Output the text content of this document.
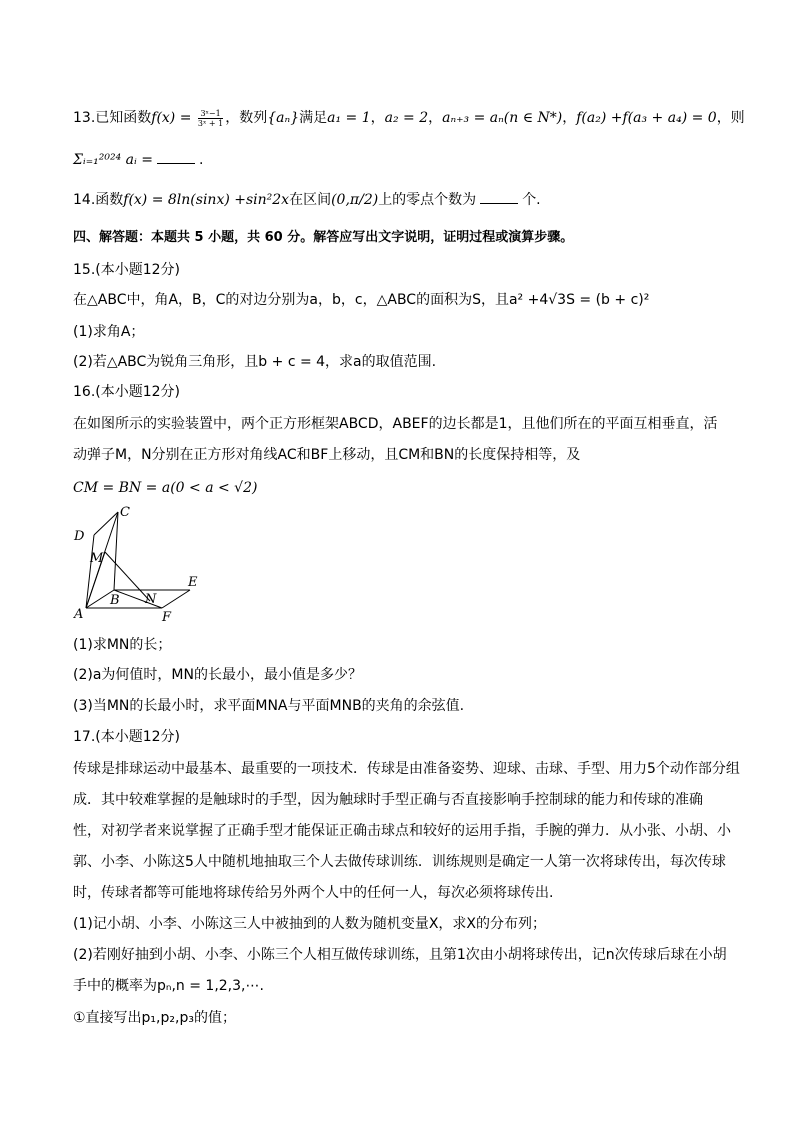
13.已知函数$f(x) = \frac{\text{3ˣ−1}}{\text{3ˣ + 1}}$ ，数列{aₙ}满足a₁ = 1，a₂ = 2，aₙ₊₃ = aₙ(n ∈ N*)，f(a₂) +f(a₃ + a₄) = 0，则
Σᵢ₌₁²⁰²⁴ aᵢ =	.
14.函数f(x) = 8ln(sinx) +sin²2x在区间(0,π/2)上的零点个数为	个.
四、解答题：本题共 5 小题，共 60 分。解答应写出文字说明，证明过程或演算步骤。
15.(本小题12分)
在△ABC中，角A，B，C的对边分别为a，b，c，△ABC的面积为S，且a² +4√3S = (b + c)²
(1)求角A；
(2)若△ABC为锐角三角形，且b + c = 4，求a的取值范围.
16.(本小题12分)
在如图所示的实验装置中，两个正方形框架ABCD，ABEF的边长都是1，且他们所在的平面互相垂直，活
动弹子M，N分别在正方形对角线AC和BF上移动，且CM和BN的长度保持相等，及
CM = BN = a(0 < a < √2)
C
D
M
E
A
B N
F
(1)求MN的长；
(2)a为何值时，MN的长最小，最小值是多少？
(3)当MN的长最小时，求平面MNA与平面MNB的夹角的余弦值.
17.(本小题12分)
传球是排球运动中最基本、最重要的一项技术．传球是由准备姿势、迎球、击球、手型、用力5个动作部分组
成．其中较难掌握的是触球时的手型，因为触球时手型正确与否直接影响手控制球的能力和传球的准确
性，对初学者来说掌握了正确手型才能保证正确击球点和较好的运用手指，手腕的弹力．从小张、小胡、小
郭、小李、小陈这5人中随机地抽取三个人去做传球训练．训练规则是确定一人第一次将球传出，每次传球
时，传球者都等可能地将球传给另外两个人中的任何一人，每次必须将球传出.
(1)记小胡、小李、小陈这三人中被抽到的人数为随机变量X，求X的分布列；
(2)若刚好抽到小胡、小李、小陈三个人相互做传球训练，且第1次由小胡将球传出，记n次传球后球在小胡
手中的概率为pₙ,n = 1,2,3,⋯.
①直接写出p₁,p₂,p₃的值；
